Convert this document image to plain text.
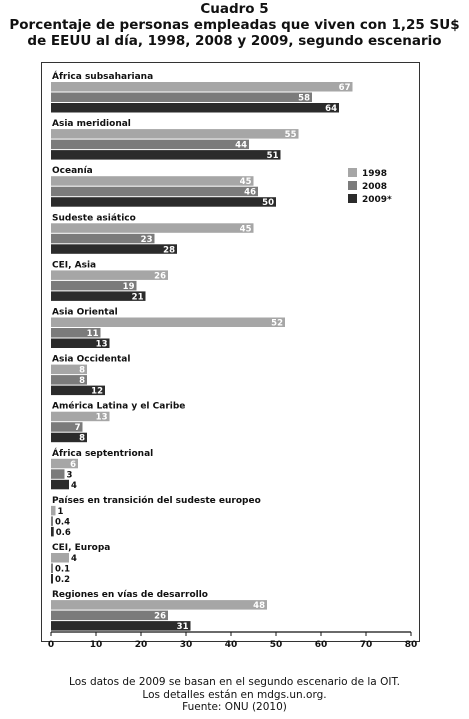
Cuadro 5

Porcentaje de personas empleadas que viven con 1,25 SU$

de EEUU al día, 1998, 2008 y 2009, segundo escenario

África subsahariana
67
58
64
Asia meridional
55
44
51
Oceanía
45
46
50
Sudeste asiático
45
23
28
CEI, Asia
26
19
21
Asia Oriental
52
11
13
Asia Occidental
8
8
12
América Latina y el Caribe
13
7
8
África septentrional
6
3
4
Países en transición del sudeste europeo
1
0.4
0.6
CEI, Europa
4
0.1
0.2
Regiones en vías de desarrollo
48
26
31
0	10	20	30	40	50	60	70	80
1998
2008
2009*
Los datos de 2009 se basan en el segundo escenario de la OIT.
Los detalles están en mdgs.un.org.
Fuente: ONU (2010)
